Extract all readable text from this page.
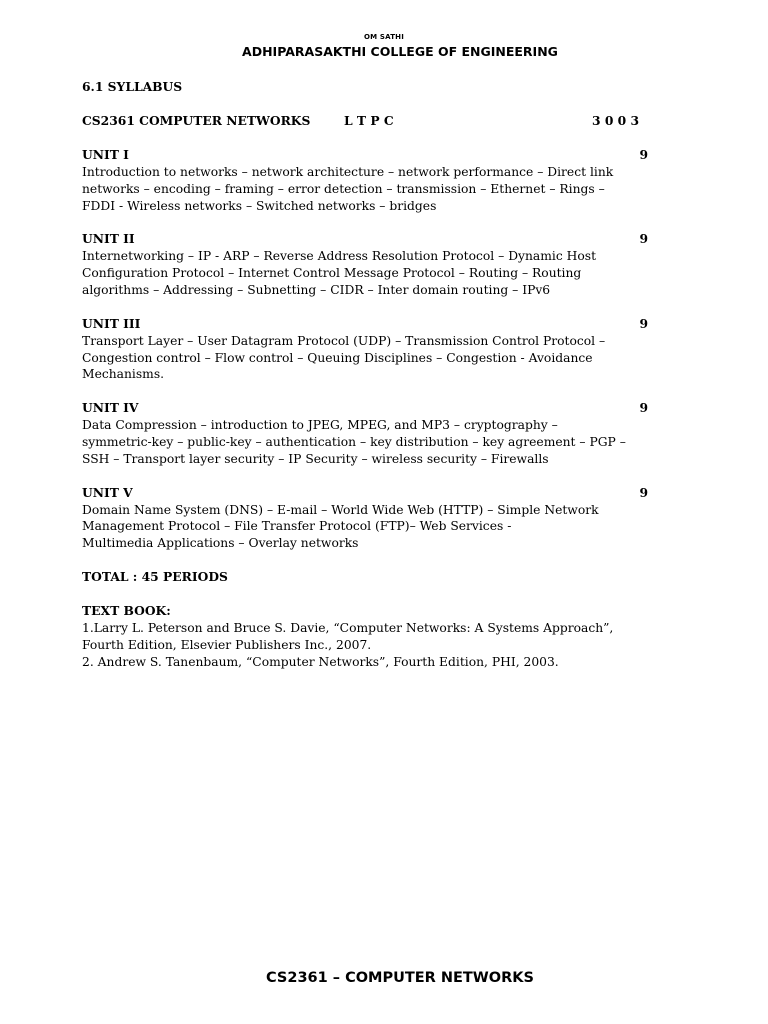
OM SATHI
ADHIPARASAKTHI COLLEGE OF ENGINEERING
6.1 SYLLABUS
CS2361 COMPUTER NETWORKS	L T P C	3 0 0 3
UNIT I	9

Introduction to networks – network architecture – network performance – Direct link
networks – encoding – framing – error detection – transmission – Ethernet – Rings –
FDDI - Wireless networks – Switched networks – bridges

UNIT II	9

Internetworking – IP - ARP – Reverse Address Resolution Protocol – Dynamic Host
Configuration Protocol – Internet Control Message Protocol – Routing – Routing
algorithms – Addressing – Subnetting – CIDR – Inter domain routing – IPv6

UNIT III	9

Transport Layer – User Datagram Protocol (UDP) – Transmission Control Protocol –
Congestion control – Flow control – Queuing Disciplines – Congestion - Avoidance
Mechanisms.

UNIT IV	9

Data Compression – introduction to JPEG, MPEG, and MP3 – cryptography –
symmetric-key – public-key – authentication – key distribution – key agreement – PGP –
SSH – Transport layer security – IP Security – wireless security – Firewalls

UNIT V	9

Domain Name System (DNS) – E-mail – World Wide Web (HTTP) – Simple Network
Management Protocol – File Transfer Protocol (FTP)– Web Services -
Multimedia Applications – Overlay networks

TOTAL : 45 PERIODS
TEXT BOOK:

1.Larry L. Peterson and Bruce S. Davie, “Computer Networks: A Systems Approach”,
Fourth Edition, Elsevier Publishers Inc., 2007.

2. Andrew S. Tanenbaum, “Computer Networks”, Fourth Edition, PHI, 2003.

CS2361 – COMPUTER NETWORKS
